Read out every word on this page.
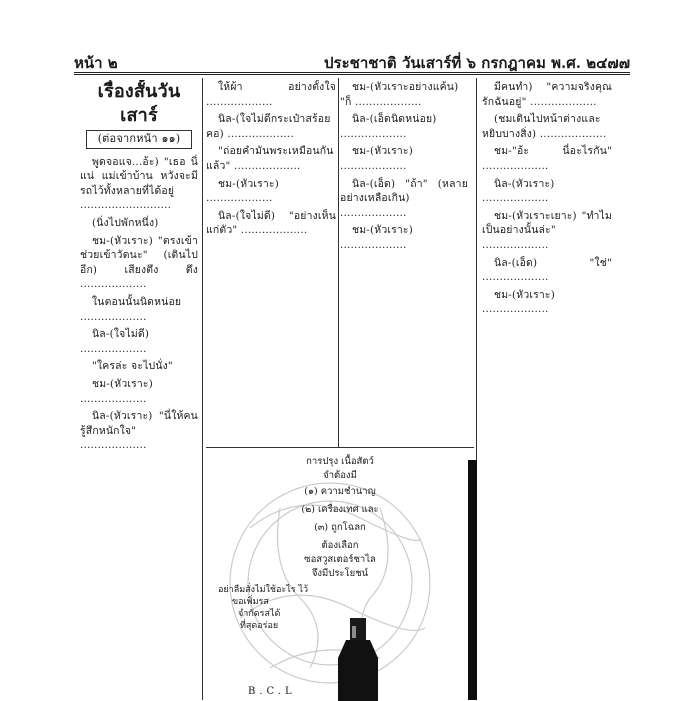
หน้า ๒	ประชาชาติ วันเสาร์ที่ ๖ กรกฎาคม พ.ศ. ๒๔๗๗
เรื่องสั้นวันเสาร์
(ต่อจากหน้า ๑๑)

พูดจอแจ...อ้ะ) "เธอ นี่แน่ แม่เข้าบ้าน หวังจะมีรถไว้ทั้งหลายที่ได้อยู่ ..........................

(นิ่งไปพักหนึ่ง)

ชม-(หัวเราะ) "ตรงเข้าช่วยเข้าวัดนะ" (เดินไปอีก) เสียงตึง ตึง ...................

ในตอนนั้นนิดหน่อย ...................

นิล-(ใจไม่ดี) ...................

"ใครล่ะ จะไปนั่ง"

ชม-(หัวเราะ) ...................

นิล-(หัวเราะ) "นี่ให้คนรู้สึกหนักใจ" ...................

ให้ผ้า อย่างตั้งใจ ...................

นิล-(ใจไม่ดีกระเป๋าสร้อยคอ) ...................

"ถ่อยคำมันพระเหมือนกันแล้ว" ...................

ชม-(หัวเราะ) ...................

นิล-(ใจไม่ดี) "อย่างเห็นแก่ตัว" ...................

ชม-(หัวเราะอย่างแค้น) "ก็ ...................

นิล-(เอ็ดนิดหน่อย) ...................

ชม-(หัวเราะ) ...................

นิล-(เอ็ด) "ถ้า" (หลายอย่างเหลือเกิน) ...................

ชม-(หัวเราะ) ...................

มีคนทำ) "ความจริงคุณรักฉันอยู่" ...................

(ชมเดินไปหน้าต่างและหยิบบางสิ่ง) ...................

ชม-"อ้ะ นี่อะไรกัน" ...................

นิล-(หัวเราะ) ...................

ชม-(หัวเราะเยาะ) "ทำไมเป็นอย่างนั้นล่ะ" ...................

นิล-(เอ็ด) "ใช่" ...................

ชม-(หัวเราะ) ...................

การปรุง เนื้อสัตว์
จำต้องมี
(๑) ความชำนาญ
(๒) เครื่องเทศ และ
(๓) ถูกโฉลก
ต้องเลือก
ซอสวูสเตอร์ชาไล
จึงมีประโยชน์
อย่าลืมสั่งไม่ใช้อะไร ไว้
ขอเพิ่มรส
จำกัดรสได้
ที่สุดอร่อย
B.C.L
